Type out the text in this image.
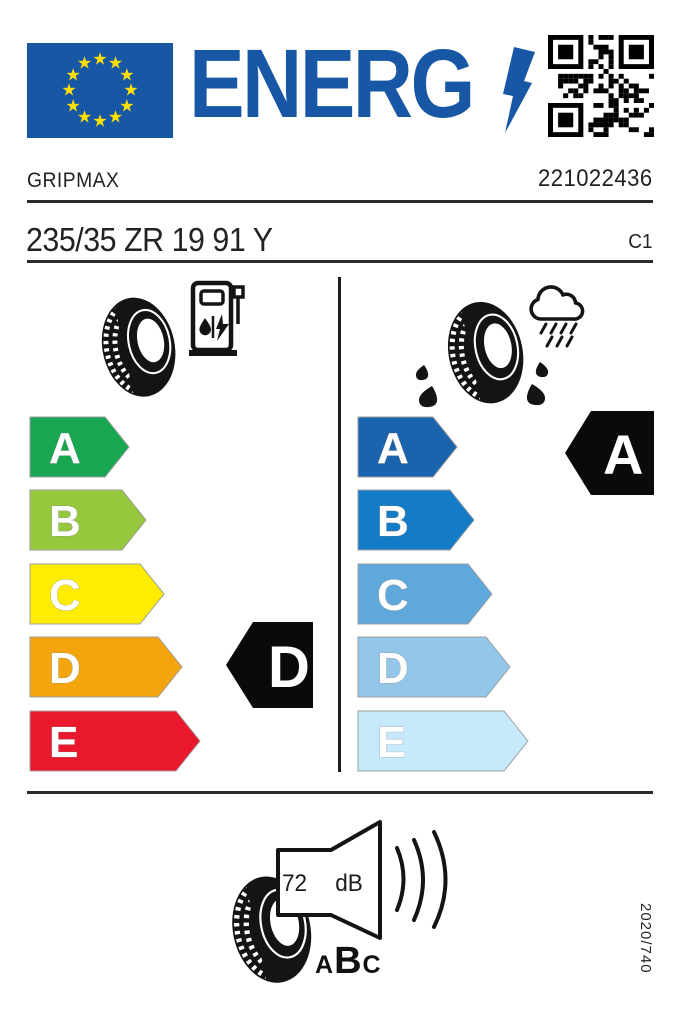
★ ★
★
★
★
★
★
★
★
★
★
★ ENERG
GRIPMAX	221022436
235/35 ZR 19 91 Y	C1
A
B
C
D
E
D
A
B
C
D
E
A
72 dB
A B C	2020/740
